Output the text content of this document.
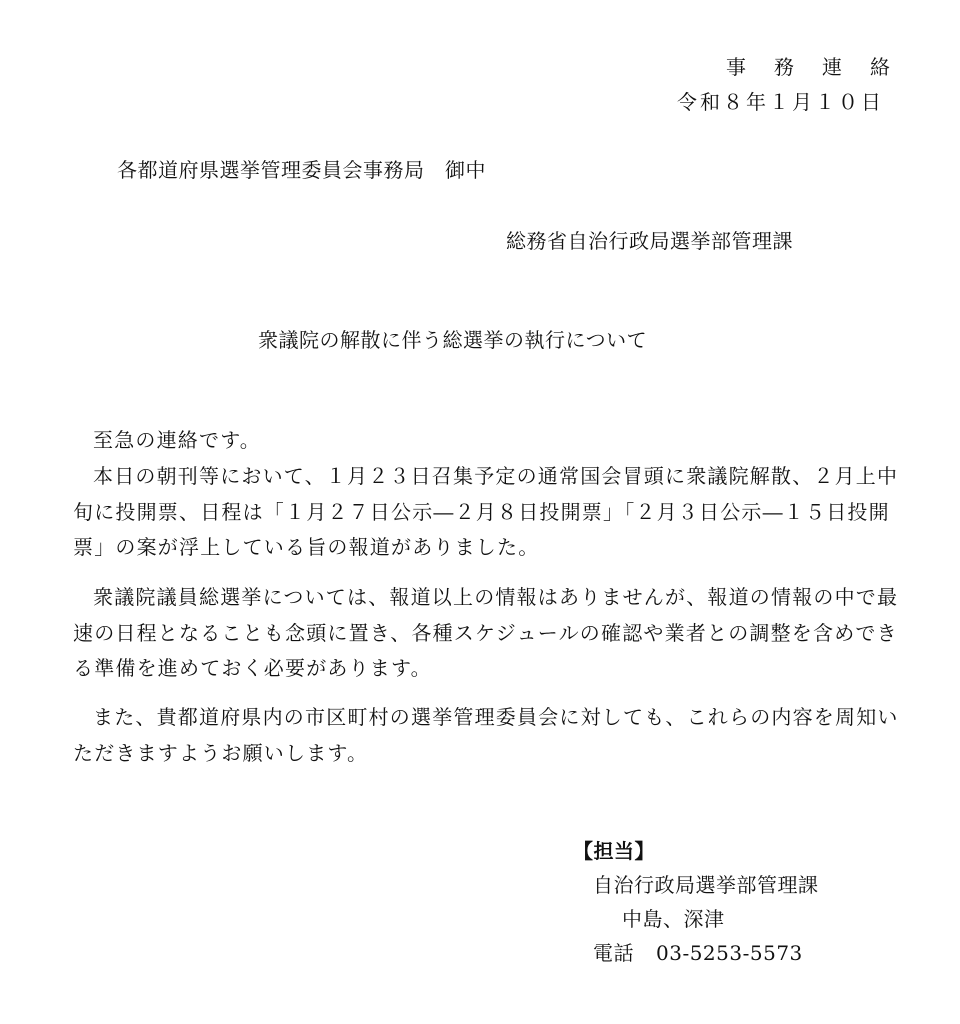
事務連絡
令和８年１月１０日
各都道府県選挙管理委員会事務局　御中
総務省自治行政局選挙部管理課
衆議院の解散に伴う総選挙の執行について
至急の連絡です。
本日の朝刊等において、１月２３日召集予定の通常国会冒頭に衆議院解散、２月上中旬に投開票、日程は「１月２７日公示―２月８日投開票」「２月３日公示―１５日投開票」の案が浮上している旨の報道がありました。
衆議院議員総選挙については、報道以上の情報はありませんが、報道の情報の中で最速の日程となることも念頭に置き、各種スケジュールの確認や業者との調整を含めできる準備を進めておく必要があります。
また、貴都道府県内の市区町村の選挙管理委員会に対しても、これらの内容を周知いただきますようお願いします。
【担当】
自治行政局選挙部管理課
中島、深津
電話 03-5253-5573
